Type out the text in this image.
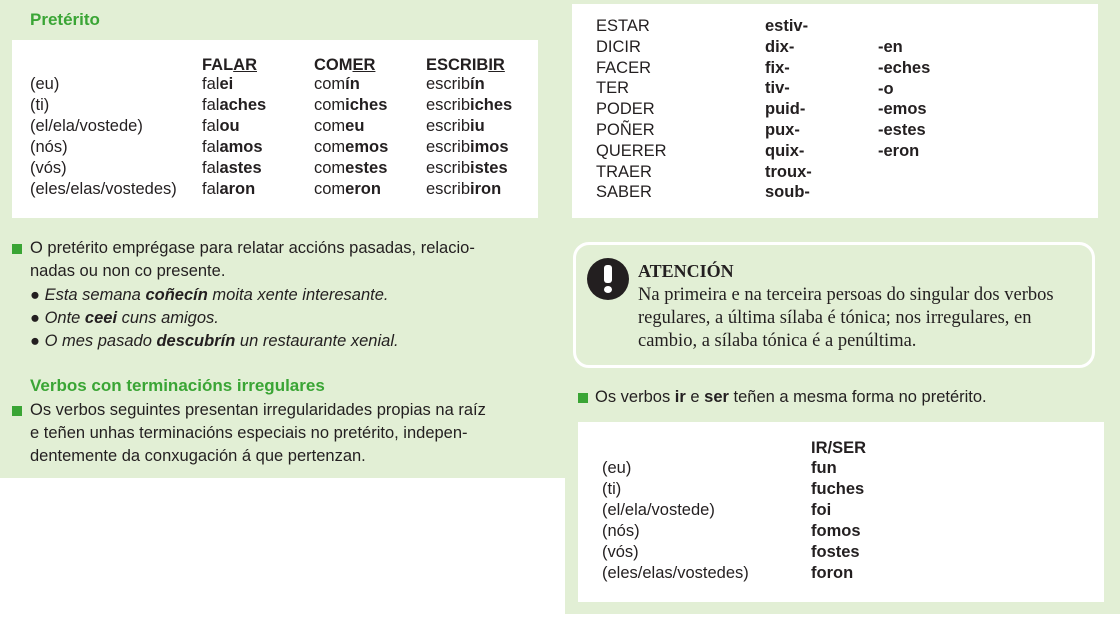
Pretérito
FALAR	COMER	ESCRIBIR
(eu)
(ti)
(el/ela/vostede)
(nós)
(vós)
(eles/elas/vostedes)
falei
falaches
falou
falamos
falastes
falaron
comín
comiches
comeu
comemos
comestes
comeron
escribín
escribiches
escribiu
escribimos
escribistes
escribiron
O pretérito emprégase para relatar accións pasadas, relacio-
nadas ou non co presente.
● Esta semana coñecín moita xente interesante.
● Onte ceei cuns amigos.
● O mes pasado descubrín un restaurante xenial.
Verbos con terminacións irregulares
Os verbos seguintes presentan irregularidades propias na raíz
e teñen unhas terminacións especiais no pretérito, indepen-
dentemente da conxugación á que pertenzan.
ESTAR
DICIR
FACER
TER
PODER
POÑER
QUERER
TRAER
SABER
estiv-
dix-
fix-
tiv-
puid-
pux-
quix-
troux-
soub-
-en
-eches
-o
-emos
-estes
-eron
ATENCIÓN
Na primeira e na terceira persoas do singular dos verbos regulares, a última sílaba é tónica; nos irregulares, en cambio, a sílaba tónica é a penúltima.
Os verbos ir e ser teñen a mesma forma no pretérito.
IR/SER
(eu)
(ti)
(el/ela/vostede)
(nós)
(vós)
(eles/elas/vostedes)
fun
fuches
foi
fomos
fostes
foron
